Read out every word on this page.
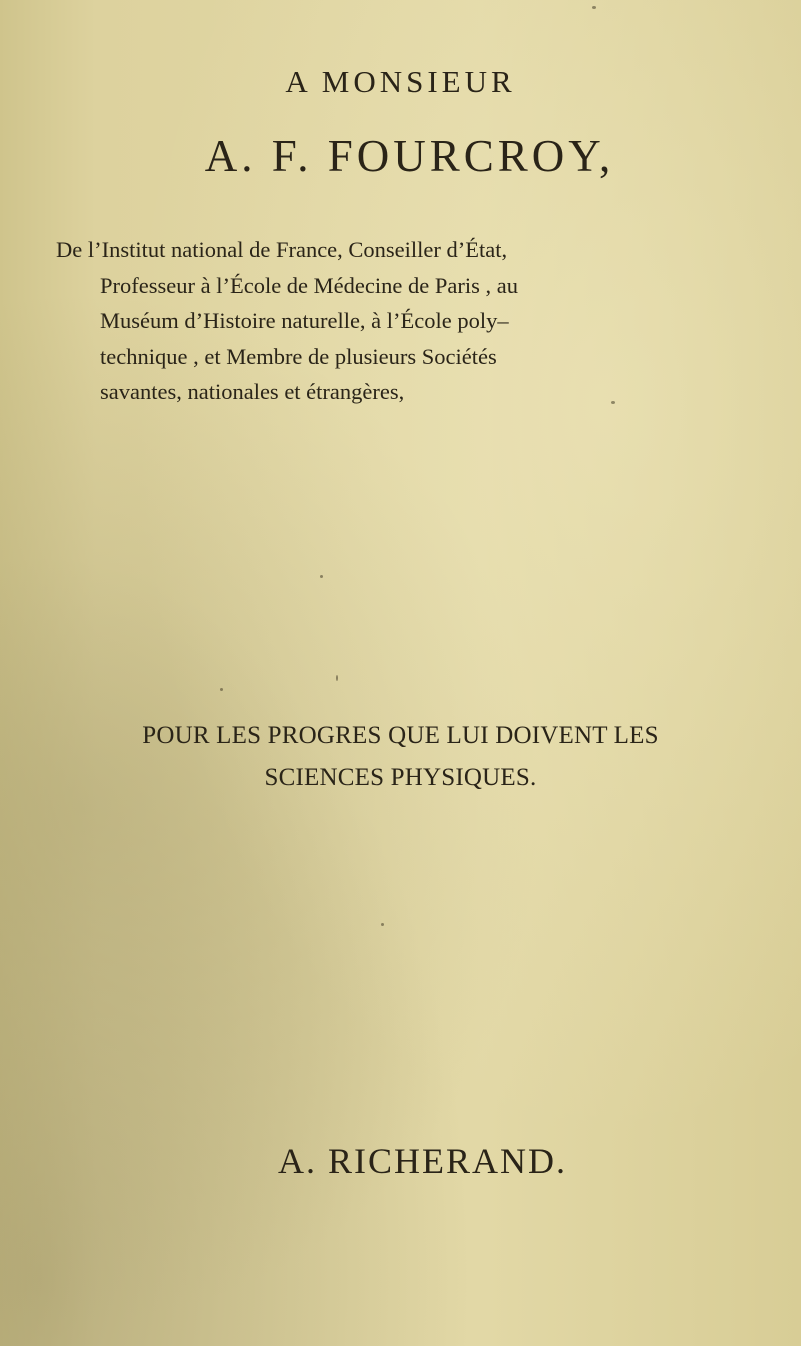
A MONSIEUR
A. F. FOURCROY,
De l’Institut national de France, Conseiller d’État,
Professeur à l’École de Médecine de Paris , au
Muséum d’Histoire naturelle, à l’École poly–
technique , et Membre de plusieurs Sociétés
savantes, nationales et étrangères,
POUR LES PROGRES QUE LUI DOIVENT LES
SCIENCES PHYSIQUES.
A. RICHERAND.
